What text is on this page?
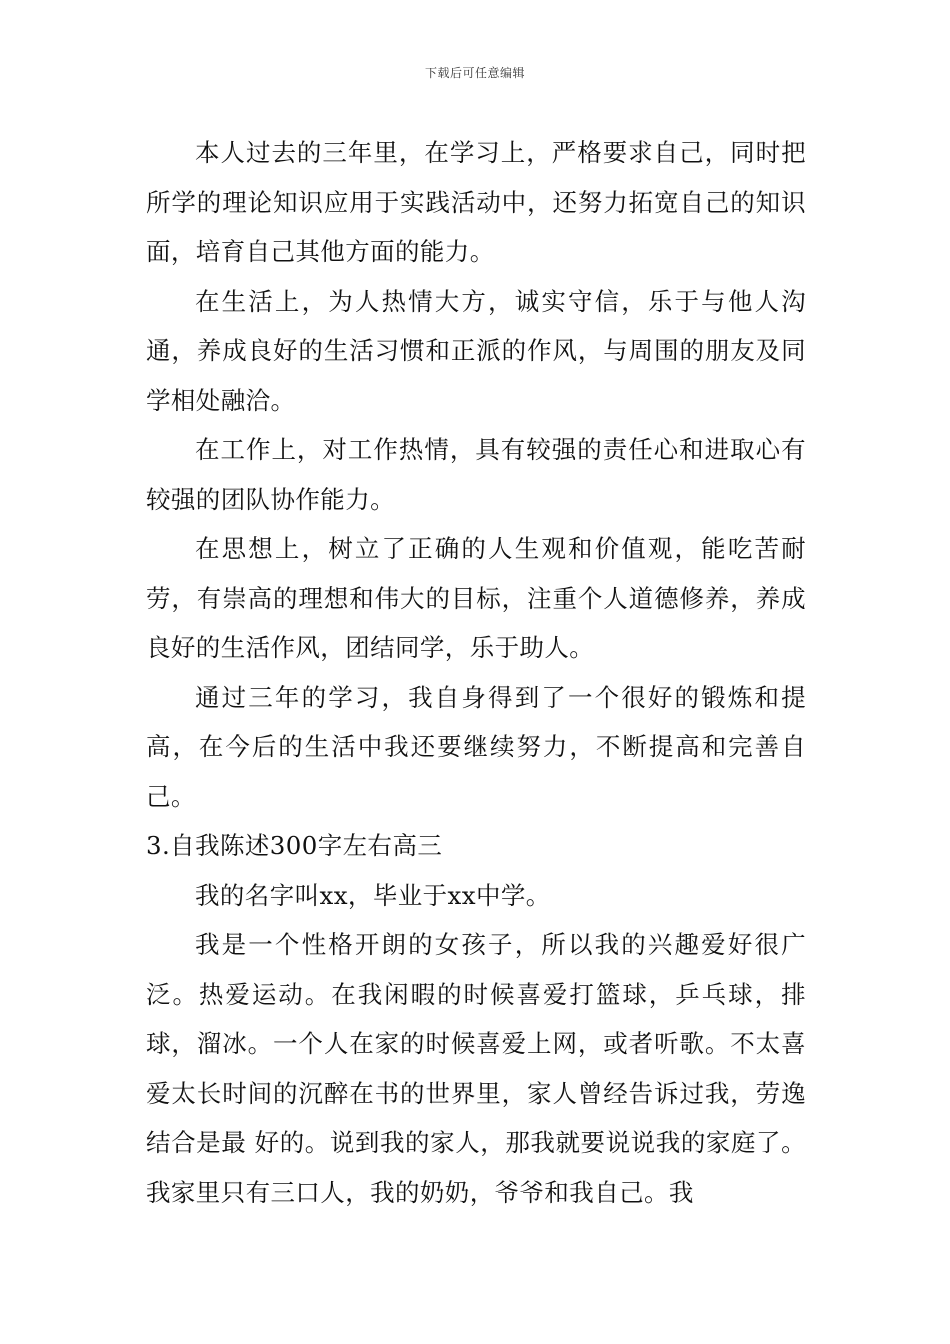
下载后可任意编辑

本人过去的三年里，在学习上，严格要求自己，同时把所学的理论知识应用于实践活动中，还努力拓宽自己的知识面，培育自己其他方面的能力。

在生活上，为人热情大方，诚实守信，乐于与他人沟通，养成良好的生活习惯和正派的作风，与周围的朋友及同学相处融洽。

在工作上，对工作热情，具有较强的责任心和进取心有较强的团队协作能力。

在思想上，树立了正确的人生观和价值观，能吃苦耐劳，有崇高的理想和伟大的目标，注重个人道德修养，养成良好的生活作风，团结同学，乐于助人。

通过三年的学习，我自身得到了一个很好的锻炼和提高，在今后的生活中我还要继续努力，不断提高和完善自己。

3.自我陈述300字左右高三

我的名字叫xx，毕业于xx中学。

我是一个性格开朗的女孩子，所以我的兴趣爱好很广泛。热爱运动。在我闲暇的时候喜爱打篮球，乒乓球，排球，溜冰。一个人在家的时候喜爱上网，或者听歌。不太喜爱太长时间的沉醉在书的世界里，家人曾经告诉过我，劳逸结合是最 好的。说到我的家人，那我就要说说我的家庭了。我家里只有三口人，我的奶奶，爷爷和我自己。我
